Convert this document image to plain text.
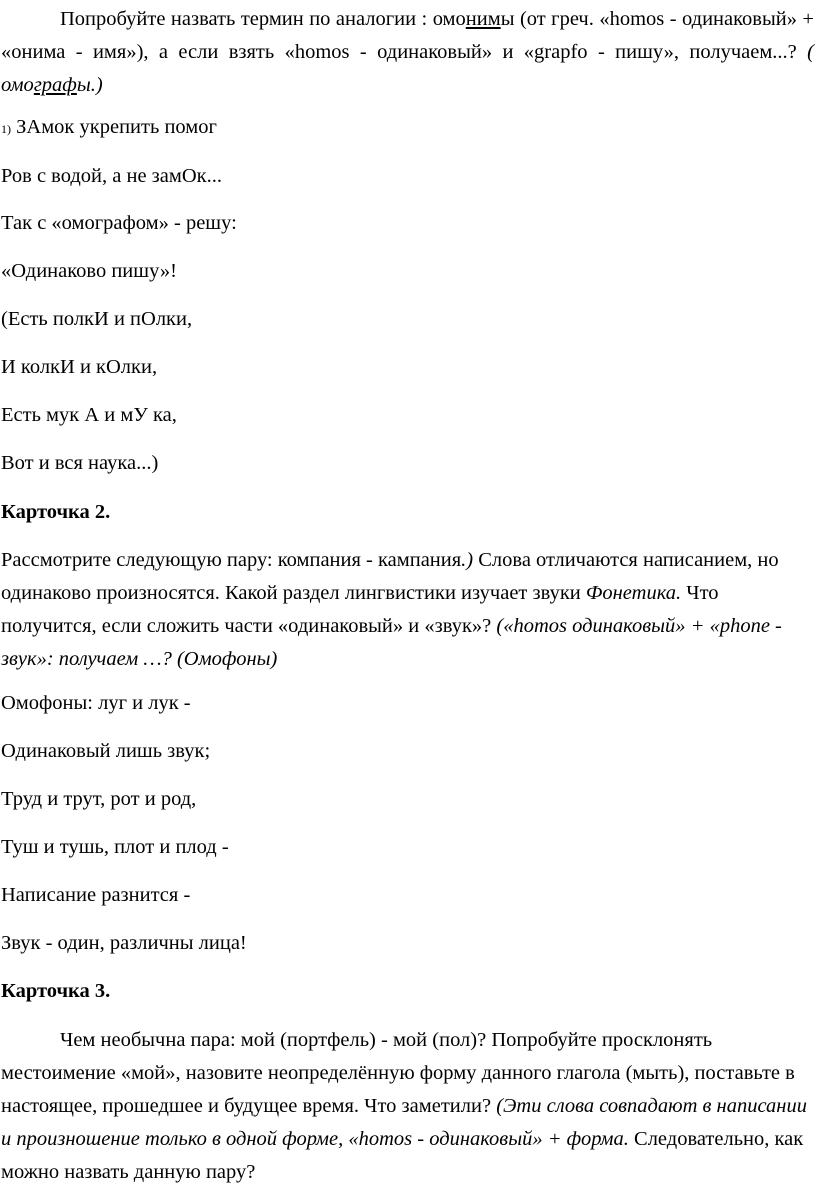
Попробуйте назвать термин по аналогии : омонимы (от греч. «homos - одинаковый» + «онима - имя»), а если взять «homos - одинаковый» и «grapfo - пишу», получаем...? ( омографы.)
1) ЗАмок укрепить помог
Ров с водой, а не замОк...
Так с «омографом» - решу:
«Одинаково пишу»!
(Есть полкИ и пОлки,
И колкИ и кОлки,
Есть мук А и мУ ка,
Вот и вся наука...)
Карточка 2.
Рассмотрите следующую пару: компания - кампания.) Слова отличаются написанием, но одинаково произносятся. Какой раздел лингвистики изучает звуки Фонетика. Что получится, если сложить части «одинаковый» и «звук»? («homos одинаковый» + «phone - звук»: получаем …? (Омофоны)
Омофоны: луг и лук -
Одинаковый лишь звук;
Труд и трут, рот и род,
Туш и тушь, плот и плод -
Написание разнится -
Звук - один, различны лица!
Карточка 3.
Чем необычна пара: мой (портфель) - мой (пол)? Попробуйте просклонять местоимение «мой», назовите неопределённую форму данного глагола (мыть), поставьте в настоящее, прошедшее и будущее время. Что заметили? (Эти слова совпадают в написании и произношение только в одной форме, «homos - одинаковый» + форма. Следовательно, как можно назвать данную пару?
